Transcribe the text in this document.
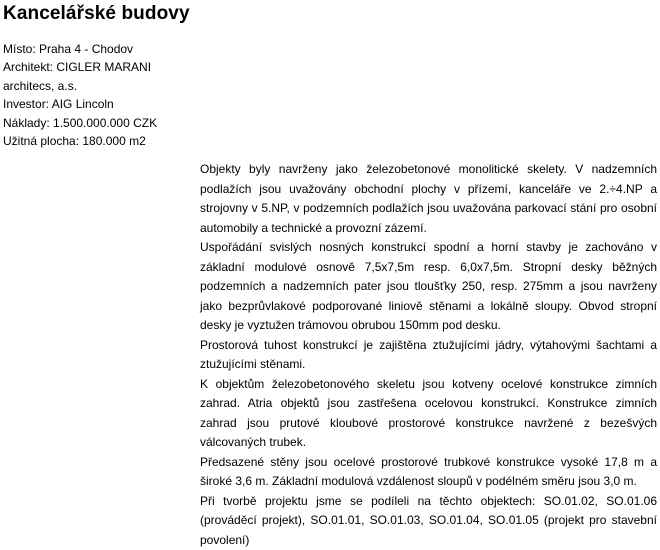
Kancelářské budovy
Místo: Praha 4 - Chodov
Architekt: CIGLER MARANI
architecs, a.s.
Investor: AIG Lincoln
Náklady: 1.500.000.000 CZK
Užitná plocha: 180.000 m2

Objekty byly navrženy jako železobetonové monolitické skelety. V nadzemních podlažích jsou uvažovány obchodní plochy v přízemí, kanceláře ve 2.÷4.NP a strojovny v 5.NP, v podzemních podlažích jsou uvažována parkovací stání pro osobní automobily a technické a provozní zázemí.

Uspořádání svislých nosných konstrukcí spodní a horní stavby je zachováno v základní modulové osnově 7,5x7,5m resp. 6,0x7,5m. Stropní desky běžných podzemních a nadzemních pater jsou tloušťky 250, resp. 275mm a jsou navrženy jako bezprůvlakové podporované liniově stěnami a lokálně sloupy. Obvod stropní desky je vyztužen trámovou obrubou 150mm pod desku.

Prostorová tuhost konstrukcí je zajištěna ztužujícími jádry, výtahovými šachtami a ztužujícími stěnami.

K objektům železobetonového skeletu jsou kotveny ocelové konstrukce zimních zahrad. Atria objektů jsou zastřešena ocelovou konstrukcí. Konstrukce zimních zahrad jsou prutové kloubové prostorové konstrukce navržené z bezešvých válcovaných trubek.

Předsazené stěny jsou ocelové prostorové trubkové konstrukce vysoké 17,8 m a široké 3,6 m. Základní modulová vzdálenost sloupů v podélném směru jsou 3,0 m.

Při tvorbě projektu jsme se podíleli na těchto objektech: SO.01.02, SO.01.06 (prováděcí projekt), SO.01.01, SO.01.03, SO.01.04, SO.01.05 (projekt pro stavební povolení)
